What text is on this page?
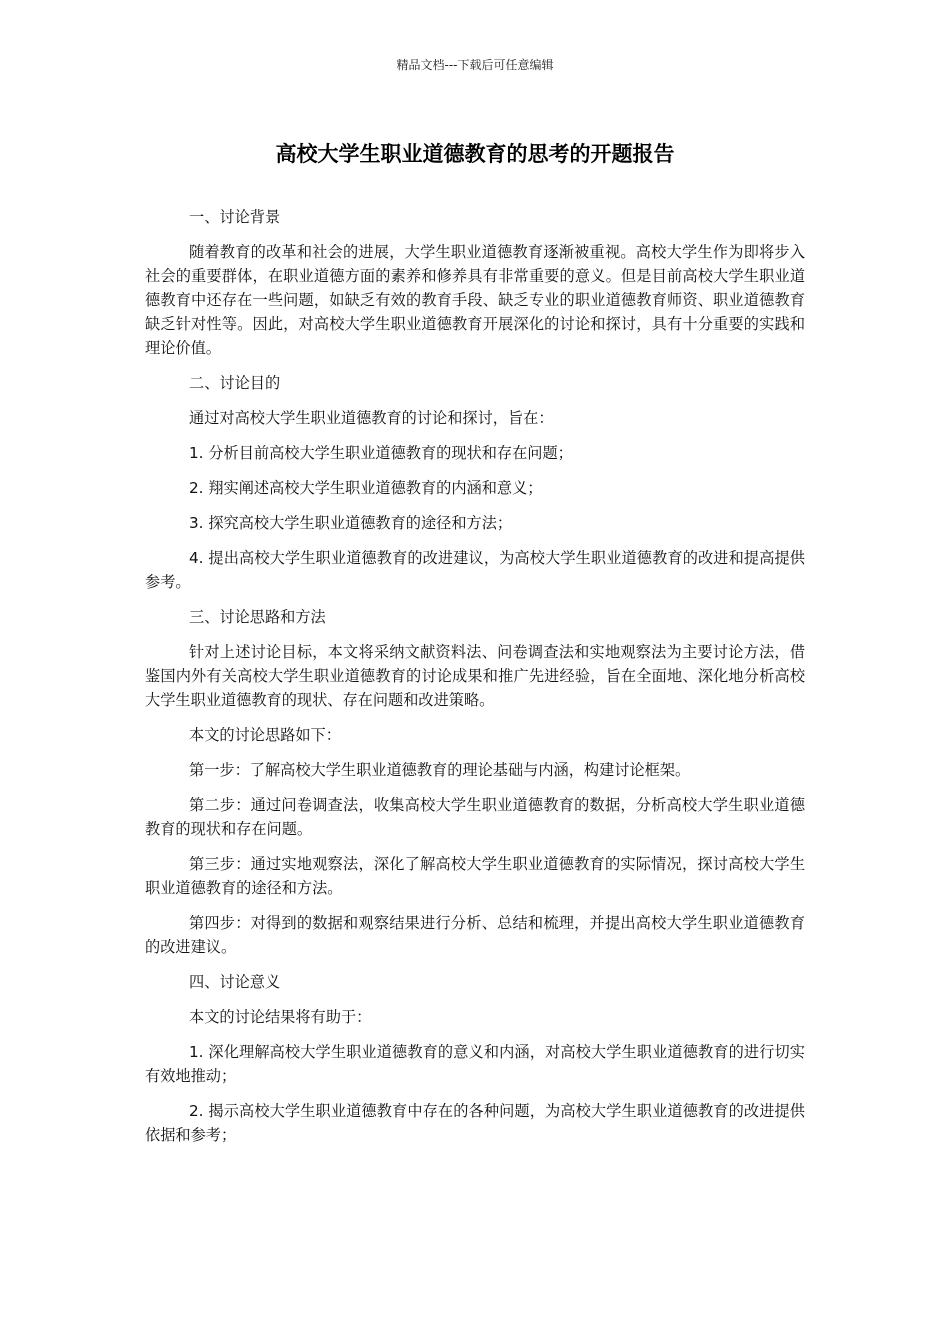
精品文档---下载后可任意编辑
高校大学生职业道德教育的思考的开题报告

一、讨论背景

随着教育的改革和社会的进展，大学生职业道德教育逐渐被重视。高校大学生作为即将步入社会的重要群体，在职业道德方面的素养和修养具有非常重要的意义。但是目前高校大学生职业道德教育中还存在一些问题，如缺乏有效的教育手段、缺乏专业的职业道德教育师资、职业道德教育缺乏针对性等。因此，对高校大学生职业道德教育开展深化的讨论和探讨，具有十分重要的实践和理论价值。

二、讨论目的

通过对高校大学生职业道德教育的讨论和探讨，旨在：

1. 分析目前高校大学生职业道德教育的现状和存在问题；

2. 翔实阐述高校大学生职业道德教育的内涵和意义；

3. 探究高校大学生职业道德教育的途径和方法；

4. 提出高校大学生职业道德教育的改进建议，为高校大学生职业道德教育的改进和提高提供参考。

三、讨论思路和方法

针对上述讨论目标，本文将采纳文献资料法、问卷调查法和实地观察法为主要讨论方法，借鉴国内外有关高校大学生职业道德教育的讨论成果和推广先进经验，旨在全面地、深化地分析高校大学生职业道德教育的现状、存在问题和改进策略。

本文的讨论思路如下：

第一步：了解高校大学生职业道德教育的理论基础与内涵，构建讨论框架。

第二步：通过问卷调查法，收集高校大学生职业道德教育的数据，分析高校大学生职业道德教育的现状和存在问题。

第三步：通过实地观察法，深化了解高校大学生职业道德教育的实际情况，探讨高校大学生职业道德教育的途径和方法。

第四步：对得到的数据和观察结果进行分析、总结和梳理，并提出高校大学生职业道德教育的改进建议。

四、讨论意义

本文的讨论结果将有助于：

1. 深化理解高校大学生职业道德教育的意义和内涵，对高校大学生职业道德教育的进行切实有效地推动；

2. 揭示高校大学生职业道德教育中存在的各种问题，为高校大学生职业道德教育的改进提供依据和参考；
